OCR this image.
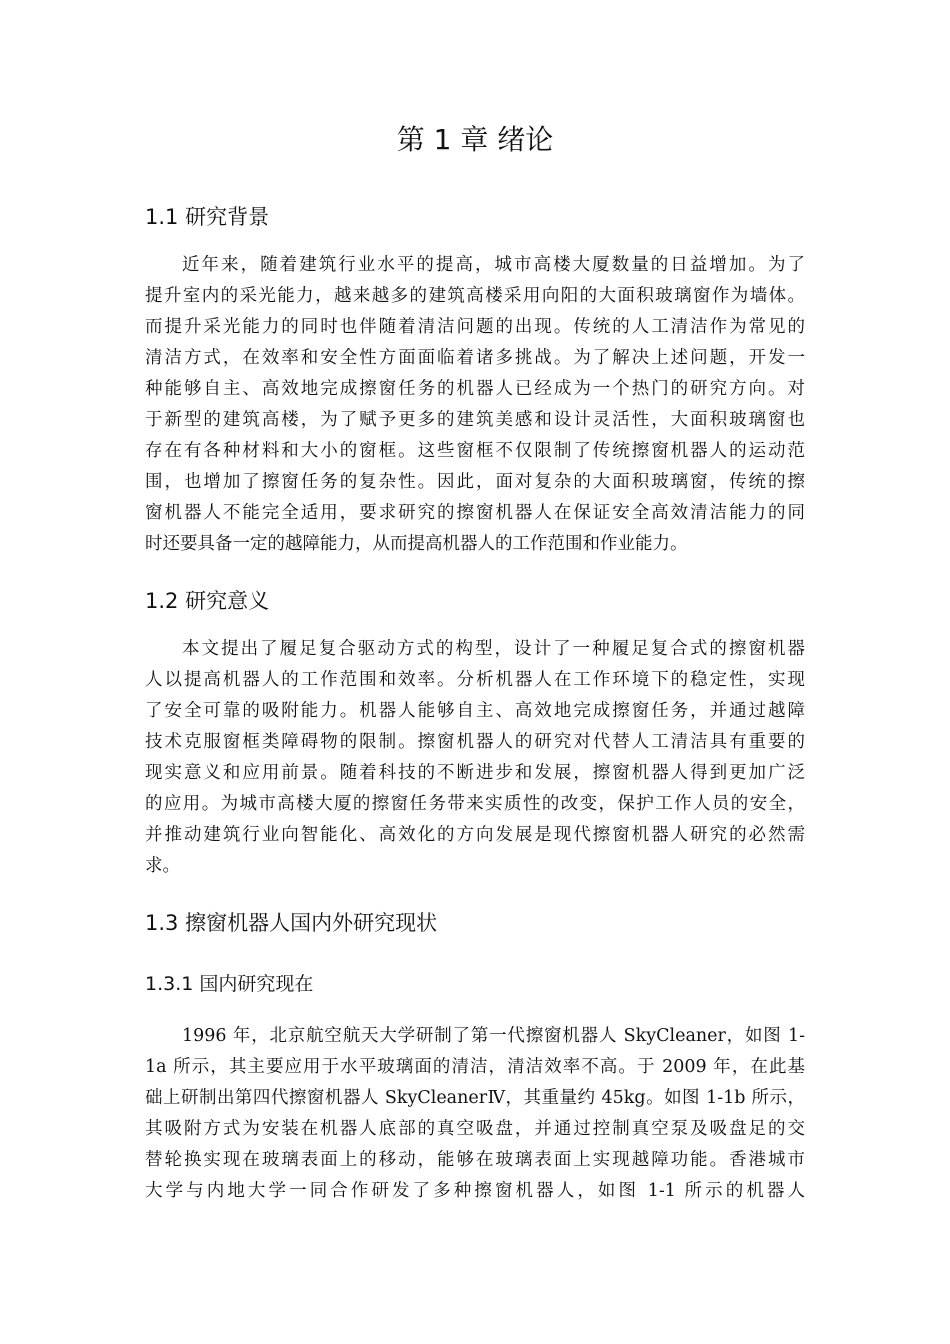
第 1 章 绪论
1.1 研究背景
近年来，随着建筑行业水平的提高，城市高楼大厦数量的日益增加。为了
提升室内的采光能力，越来越多的建筑高楼采用向阳的大面积玻璃窗作为墙体。
而提升采光能力的同时也伴随着清洁问题的出现。传统的人工清洁作为常见的
清洁方式，在效率和安全性方面面临着诸多挑战。为了解决上述问题，开发一
种能够自主、高效地完成擦窗任务的机器人已经成为一个热门的研究方向。对
于新型的建筑高楼，为了赋予更多的建筑美感和设计灵活性，大面积玻璃窗也
存在有各种材料和大小的窗框。这些窗框不仅限制了传统擦窗机器人的运动范
围，也增加了擦窗任务的复杂性。因此，面对复杂的大面积玻璃窗，传统的擦
窗机器人不能完全适用，要求研究的擦窗机器人在保证安全高效清洁能力的同
时还要具备一定的越障能力，从而提高机器人的工作范围和作业能力。
1.2 研究意义
本文提出了履足复合驱动方式的构型，设计了一种履足复合式的擦窗机器
人以提高机器人的工作范围和效率。分析机器人在工作环境下的稳定性，实现
了安全可靠的吸附能力。机器人能够自主、高效地完成擦窗任务，并通过越障
技术克服窗框类障碍物的限制。擦窗机器人的研究对代替人工清洁具有重要的
现实意义和应用前景。随着科技的不断进步和发展，擦窗机器人得到更加广泛
的应用。为城市高楼大厦的擦窗任务带来实质性的改变，保护工作人员的安全，
并推动建筑行业向智能化、高效化的方向发展是现代擦窗机器人研究的必然需
求。
1.3 擦窗机器人国内外研究现状
1.3.1 国内研究现在
1996 年，北京航空航天大学研制了第一代擦窗机器人 SkyCleaner，如图 1-
1a 所示，其主要应用于水平玻璃面的清洁，清洁效率不高。于 2009 年，在此基
础上研制出第四代擦窗机器人 SkyCleanerⅣ，其重量约 45kg。如图 1-1b 所示，
其吸附方式为安装在机器人底部的真空吸盘，并通过控制真空泵及吸盘足的交
替轮换实现在玻璃表面上的移动，能够在玻璃表面上实现越障功能。香港城市
大学与内地大学一同合作研发了多种擦窗机器人，如图 1-1 所示的机器人
